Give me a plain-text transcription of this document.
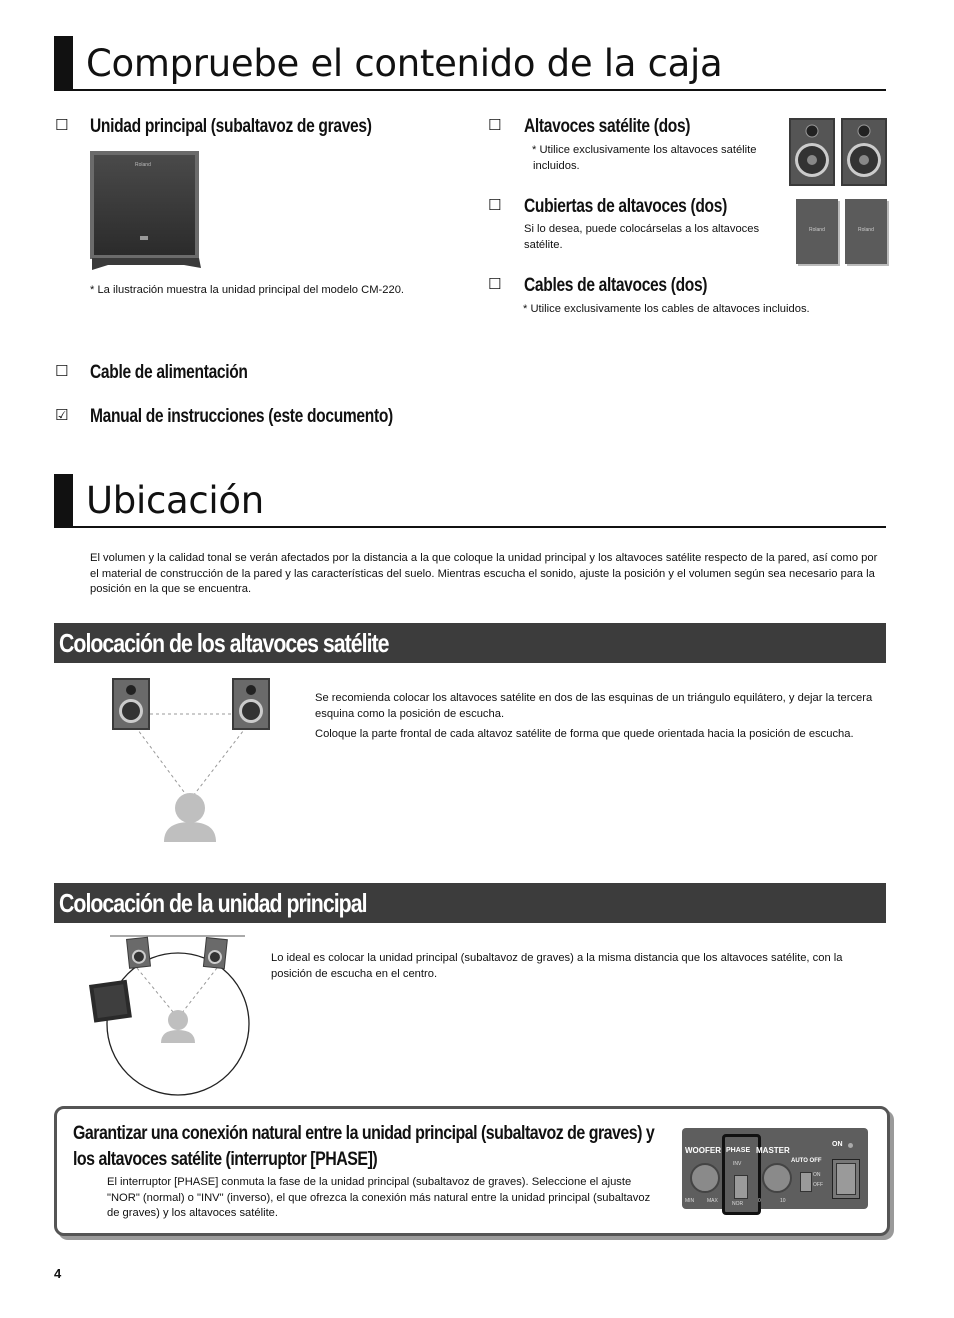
Compruebe el contenido de la caja
☐ Unidad principal (subaltavoz de graves)
Roland
* La ilustración muestra la unidad principal del modelo CM-220.
☐ Altavoces satélite (dos)
* Utilice exclusivamente los altavoces satélite incluidos.
☐ Cubiertas de altavoces (dos)
Si lo desea, puede colocárselas a los altavoces satélite.
Roland	Roland
☐ Cables de altavoces (dos)
* Utilice exclusivamente los cables de altavoces incluidos.
☐ Cable de alimentación
☑ Manual de instrucciones (este documento)
Ubicación
El volumen y la calidad tonal se verán afectados por la distancia a la que coloque la unidad principal y los altavoces satélite respecto de la pared, así como por el material de construcción de la pared y las características del suelo. Mientras escucha el sonido, ajuste la posición y el volumen según sea necesario para la posición en la que se encuentra.
Colocación de los altavoces satélite
Se recomienda colocar los altavoces satélite en dos de las esquinas de un triángulo equilátero, y dejar la tercera esquina como la posición de escucha.
Coloque la parte frontal de cada altavoz satélite de forma que quede orientada hacia la posición de escucha.
Colocación de la unidad principal
Lo ideal es colocar la unidad principal (subaltavoz de graves) a la misma distancia que los altavoces satélite, con la posición de escucha en el centro.
Garantizar una conexión natural entre la unidad principal (subaltavoz de graves) y los altavoces satélite (interruptor [PHASE])
El interruptor [PHASE] conmuta la fase de la unidad principal (subaltavoz de graves). Seleccione el ajuste "NOR" (normal) o "INV" (inverso), el que ofrezca la conexión más natural entre la unidad principal (subaltavoz de graves) y los altavoces satélite.
WOOFER
MIN	MAX
PHASE
INV
NOR
MASTER
0	10
AUTO OFF
ON
OFF
ON
4
